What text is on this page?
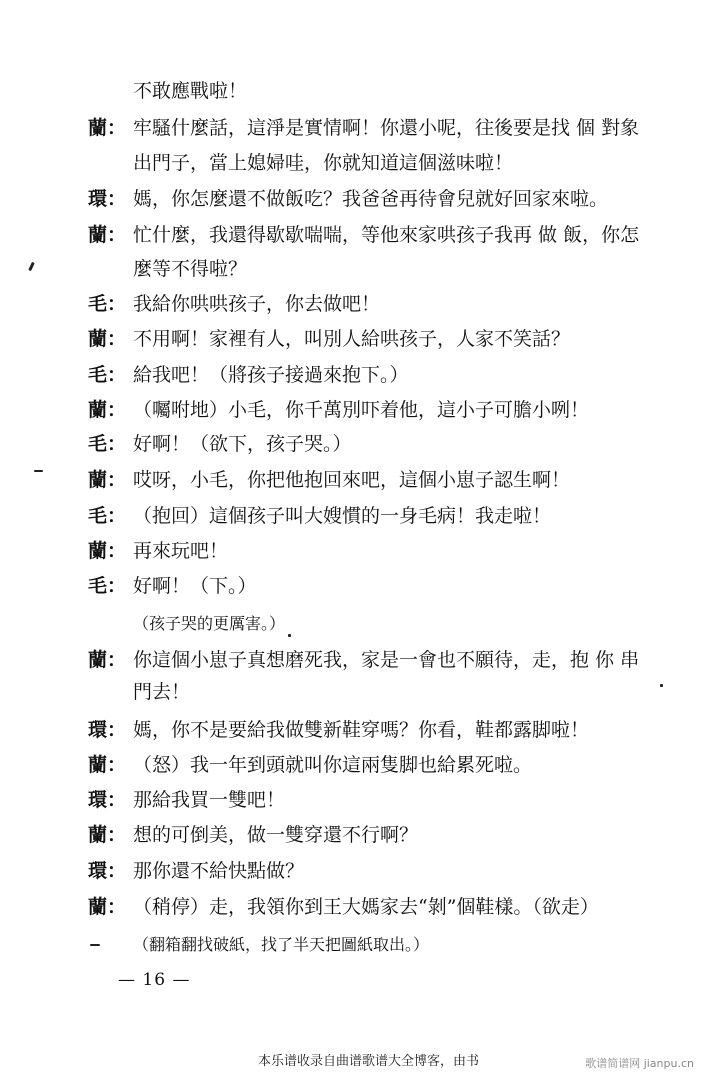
不敢應戰啦！
蘭： 牢騷什麼話，這淨是實情啊！你還小呢，往後要是找 個 對象
出門子，當上媳婦哇，你就知道這個滋味啦！
環： 媽，你怎麼還不做飯吃？我爸爸再待會兒就好回家來啦。
蘭： 忙什麼，我還得歇歇喘喘，等他來家哄孩子我再 做 飯，你怎
麼等不得啦？
毛： 我給你哄哄孩子，你去做吧！
蘭： 不用啊！家裡有人，叫別人給哄孩子，人家不笑話？
毛： 給我吧！（將孩子接過來抱下。）
蘭： （囑咐地）小毛，你千萬別吓着他，這小子可膽小咧！
毛： 好啊！（欲下，孩子哭。）
蘭： 哎呀，小毛，你把他抱回來吧，這個小崽子認生啊！
毛： （抱回）這個孩子叫大嫂慣的一身毛病！我走啦！
蘭： 再來玩吧！
毛： 好啊！（下。）
（孩子哭的更厲害。）
蘭： 你這個小崽子真想磨死我，家是一會也不願待，走，抱 你 串
門去！
環： 媽，你不是要給我做雙新鞋穿嗎？你看，鞋都露脚啦！
蘭： （怒）我一年到頭就叫你這兩隻脚也給累死啦。
環： 那給我買一雙吧！
蘭： 想的可倒美，做一雙穿還不行啊？
環： 那你還不給快點做？
蘭： （稍停）走，我領你到王大媽家去“剝”個鞋樣。（欲走）
（翻箱翻找破紙，找了半天把圖紙取出。）
— 16 —
本乐谱收录自曲谱歌谱大全博客，由书	歌谱简谱网 jianpu.cn
